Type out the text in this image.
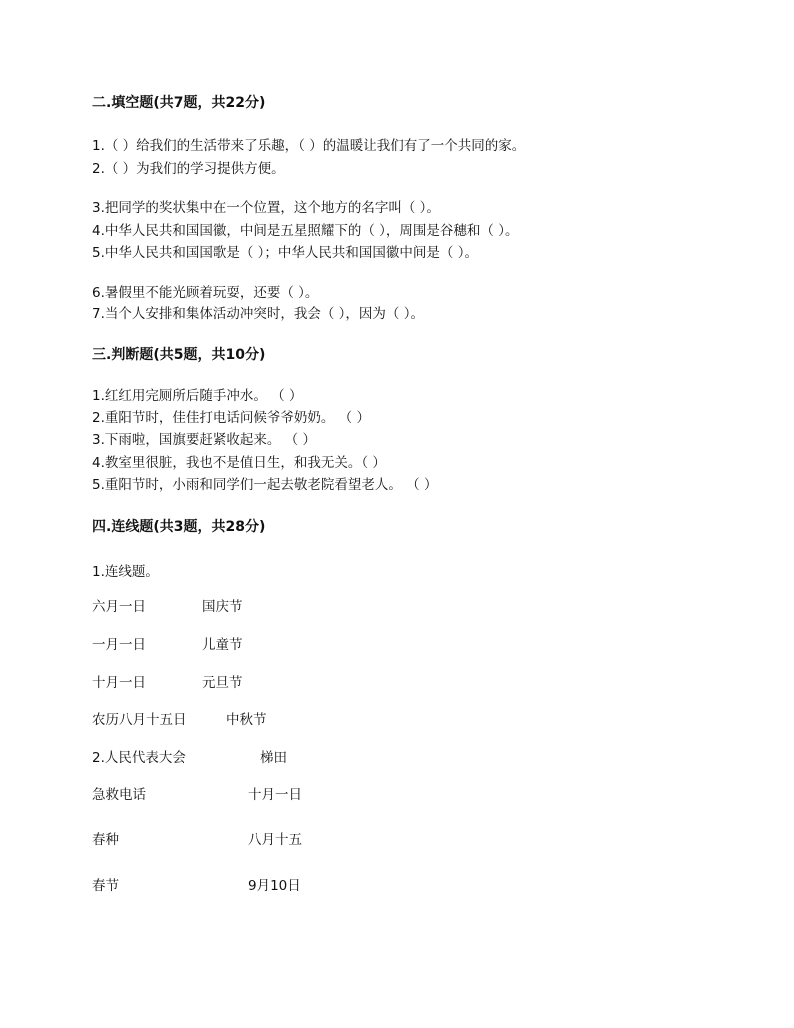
二.填空题(共7题，共22分)
1.（ ）给我们的生活带来了乐趣，（ ）的温暖让我们有了一个共同的家。
2.（ ）为我们的学习提供方便。
3.把同学的奖状集中在一个位置，这个地方的名字叫（ ）。
4.中华人民共和国国徽，中间是五星照耀下的（ ），周围是谷穗和（ ）。
5.中华人民共和国国歌是（ ）；中华人民共和国国徽中间是（ ）。
6.暑假里不能光顾着玩耍，还要（ ）。
7.当个人安排和集体活动冲突时，我会（ ），因为（ ）。
三.判断题(共5题，共10分)
1.红红用完厕所后随手冲水。 （ ）
2.重阳节时，佳佳打电话问候爷爷奶奶。 （ ）
3.下雨啦，国旗要赶紧收起来。 （ ）
4.教室里很脏，我也不是值日生，和我无关。（ ）
5.重阳节时，小雨和同学们一起去敬老院看望老人。 （ ）
四.连线题(共3题，共28分)
1.连线题。
六月一日	国庆节
一月一日	儿童节
十月一日	元旦节
农历八月十五日	中秋节
2.人民代表大会	梯田
急救电话	十月一日
春种	八月十五
春节	9月10日
